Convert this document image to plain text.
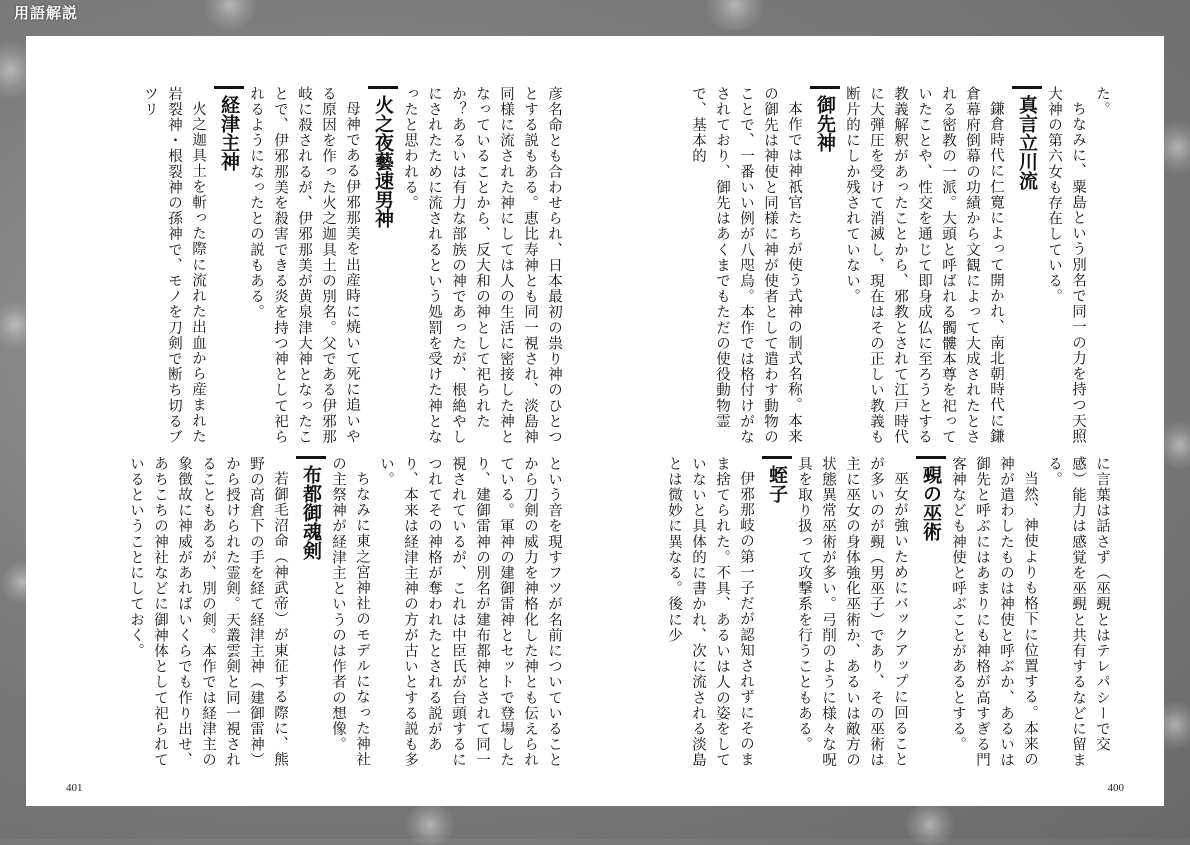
用語解説

彦名命とも合わせられ、日本最初の祟り神のひとつとする説もある。恵比寿神とも同一視され、淡島神同様に流された神にしては人の生活に密接した神となっていることから、反大和の神として祀られたか？あるいは有力な部族の神であったが、根絶やしにされたために流されるという処罰を受けた神となったと思われる。

火之夜藝速男神

母神である伊邪那美を出産時に焼いて死に追いやる原因を作った火之迦具土の別名。父である伊邪那岐に殺されるが、伊邪那美が黄泉津大神となったことで、伊邪那美を殺害できる炎を持つ神として祀られるようになったとの説もある。

経津主神

火之迦具土を斬った際に流れた出血から産まれた岩裂神・根裂神の孫神で、モノを刀剣で断ち切るブツリ

という音を現すフツが名前についていることから刀剣の威力を神格化した神とも伝えられている。軍神の建御雷神とセットで登場したり、建御雷神の別名が建布都神とされて同一視されているが、これは中臣氏が台頭するにつれてその神格が奪われたとされる説があり、本来は経津主神の方が古いとする説も多い。

ちなみに東之宮神社のモデルになった神社の主祭神が経津主というのは作者の想像。

布都御魂剣

若御毛沼命（神武帝）が東征する際に、熊野の高倉下の手を経て経津主神（建御雷神）から授けられた霊剣。天叢雲剣と同一視されることもあるが、別の剣。本作では経津主の象徴故に神威があればいくらでも作り出せ、あちこちの神社などに御神体として祀られているということにしておく。

401

た。

ちなみに、粟島という別名で同一の力を持つ天照大神の第六女も存在している。

真言立川流

鎌倉時代に仁寛によって開かれ、南北朝時代に鎌倉幕府倒幕の功績から文観によって大成されたとされる密教の一派。大頭と呼ばれる髑髏本尊を祀っていたことや、性交を通じて即身成仏に至ろうとする教義解釈があったことから、邪教とされて江戸時代に大弾圧を受けて消滅し、現在はその正しい教義も断片的にしか残されていない。

御先神

本作では神祇官たちが使う式神の制式名称。本来の御先は神使と同様に神が使者として遣わす動物のことで、一番いい例が八咫烏。本作では格付けがなされており、御先はあくまでもただの使役動物霊で、基本的

に言葉は話さず（巫覡とはテレパシーで交感）能力は感覚を巫覡と共有するなどに留まる。

当然、神使よりも格下に位置する。本来の神が遣わしたものは神使と呼ぶか、あるいは御先と呼ぶにはあまりにも神格が高すぎる門客神なども神使と呼ぶことがあるとする。

覡の巫術

巫女が強いためにバックアップに回ることが多いのが覡（男巫子）であり、その巫術は主に巫女の身体強化巫術か、あるいは敵方の状態異常巫術が多い。弓削のように様々な呪具を取り扱って攻撃系を行うこともある。

蛭子

伊邪那岐の第一子だが認知されずにそのまま捨てられた。不具、あるいは人の姿をしていないと具体的に書かれ、次に流される淡島とは微妙に異なる。後に少

400
